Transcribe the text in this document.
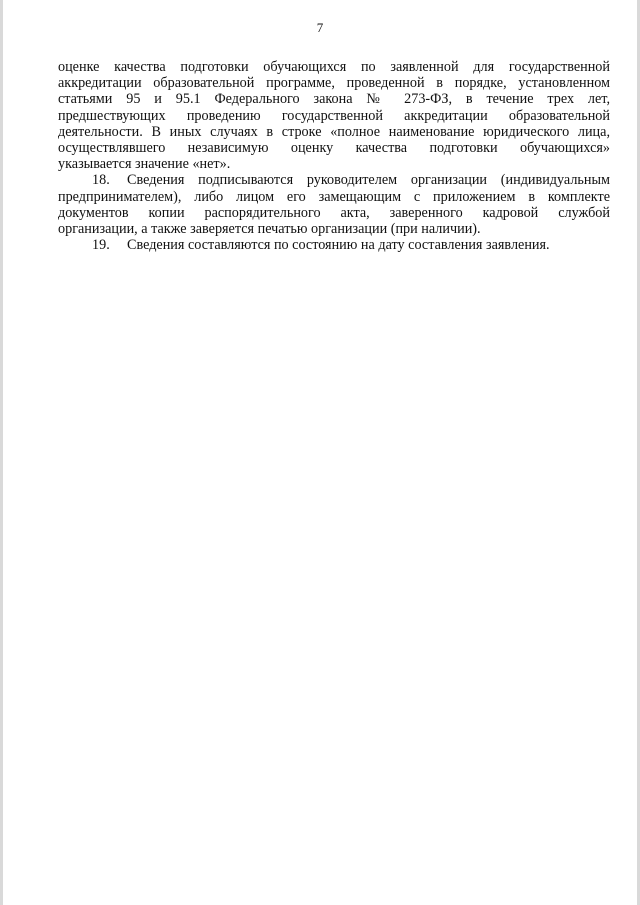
7
оценке качества подготовки обучающихся по заявленной для государственной
аккредитации образовательной программе, проведенной в порядке, установленном
статьями 95 и 95.1 Федерального закона № 273-ФЗ, в течение трех лет,
предшествующих проведению государственной аккредитации образовательной
деятельности. В иных случаях в строке «полное наименование юридического лица,
осуществлявшего независимую оценку качества подготовки обучающихся»
указывается значение «нет».
18. Сведения подписываются руководителем организации (индивидуальным
предпринимателем), либо лицом его замещающим с приложением в комплекте
документов копии распорядительного акта, заверенного кадровой службой
организации, а также заверяется печатью организации (при наличии).
19. Сведения составляются по состоянию на дату составления заявления.
